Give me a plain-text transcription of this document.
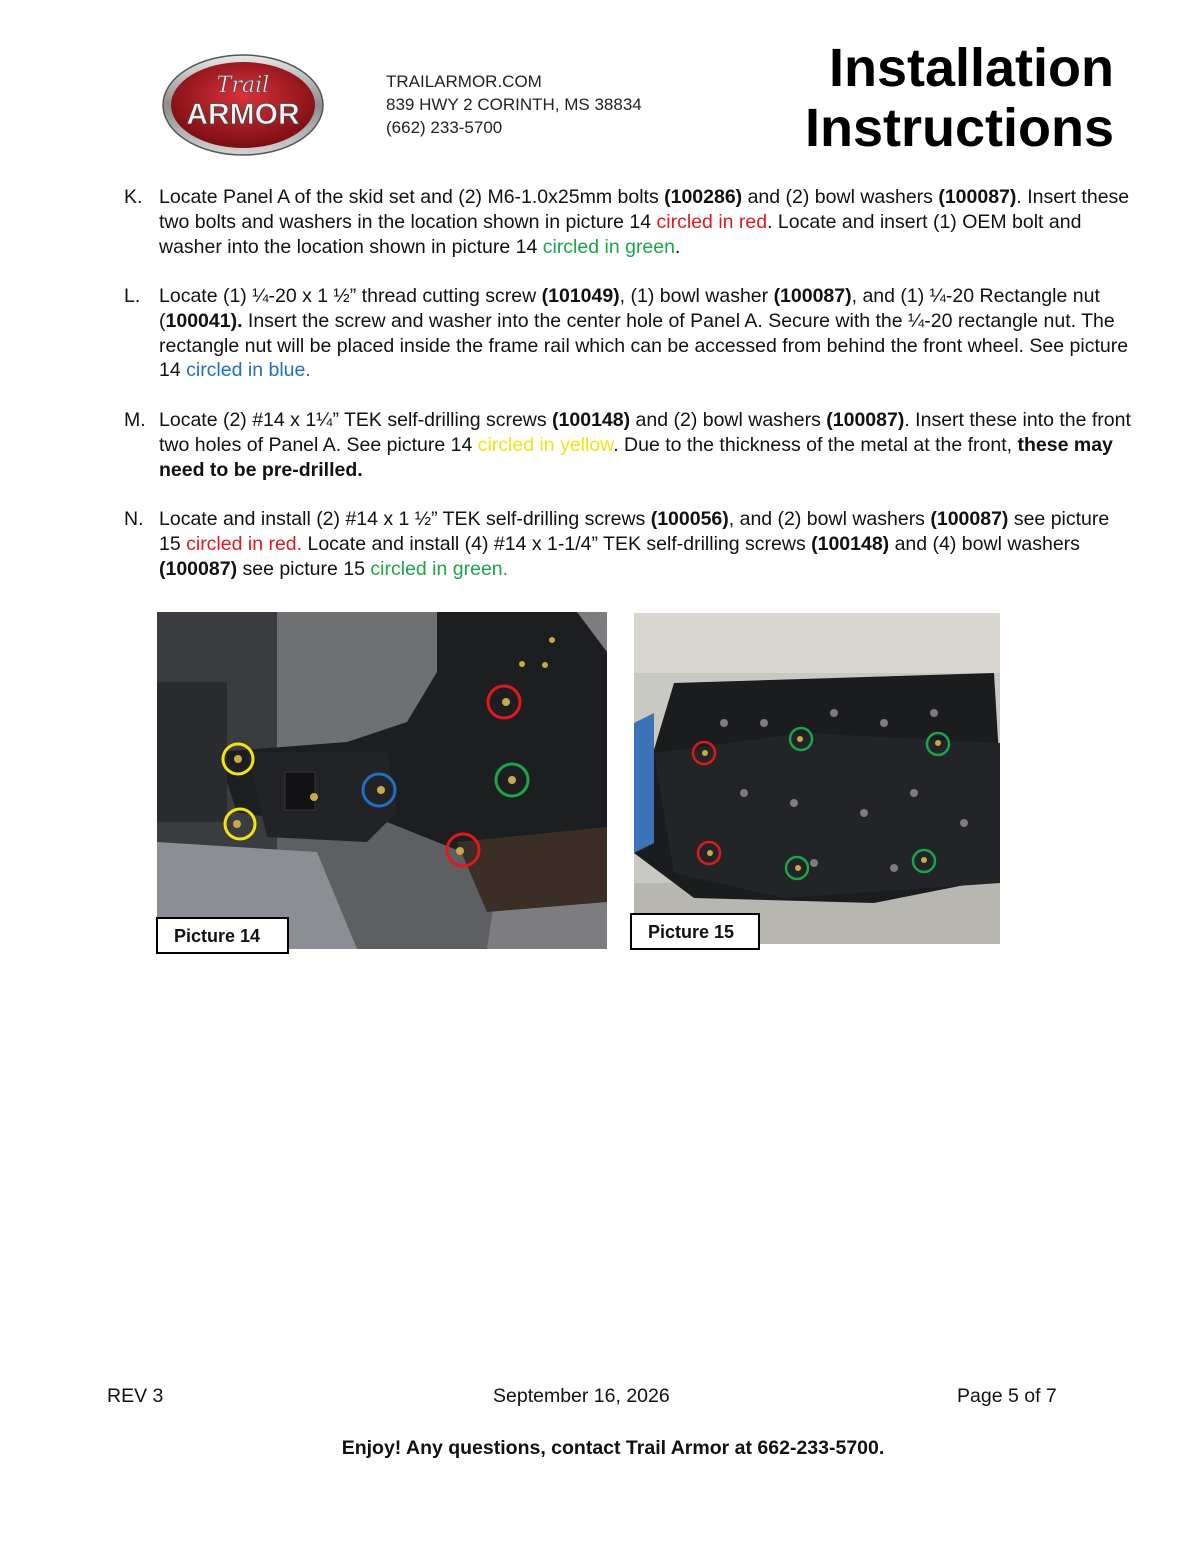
Trail
ARMOR
TRAILARMOR.COM
839 HWY 2 CORINTH, MS 38834
(662) 233-5700
Installation
Instructions
K. Locate Panel A of the skid set and (2) M6-1.0x25mm bolts (100286) and (2) bowl washers (100087). Insert these two bolts and washers in the location shown in picture 14 circled in red. Locate and insert (1) OEM bolt and washer into the location shown in picture 14 circled in green.
L. Locate (1) ¼-20 x 1 ½” thread cutting screw (101049), (1) bowl washer (100087), and (1) ¼-20 Rectangle nut (100041). Insert the screw and washer into the center hole of Panel A. Secure with the ¼-20 rectangle nut. The rectangle nut will be placed inside the frame rail which can be accessed from behind the front wheel. See picture 14 circled in blue.
M. Locate (2) #14 x 1¼” TEK self-drilling screws (100148) and (2) bowl washers (100087). Insert these into the front two holes of Panel A. See picture 14 circled in yellow. Due to the thickness of the metal at the front, these may need to be pre-drilled.
N. Locate and install (2) #14 x 1 ½” TEK self-drilling screws (100056), and (2) bowl washers (100087) see picture 15 circled in red. Locate and install (4) #14 x 1-1/4” TEK self-drilling screws (100148) and (4) bowl washers (100087) see picture 15 circled in green.
Picture 14	Picture 15
REV 3	September 16, 2026	Page 5 of 7
Enjoy! Any questions, contact Trail Armor at 662-233-5700.
